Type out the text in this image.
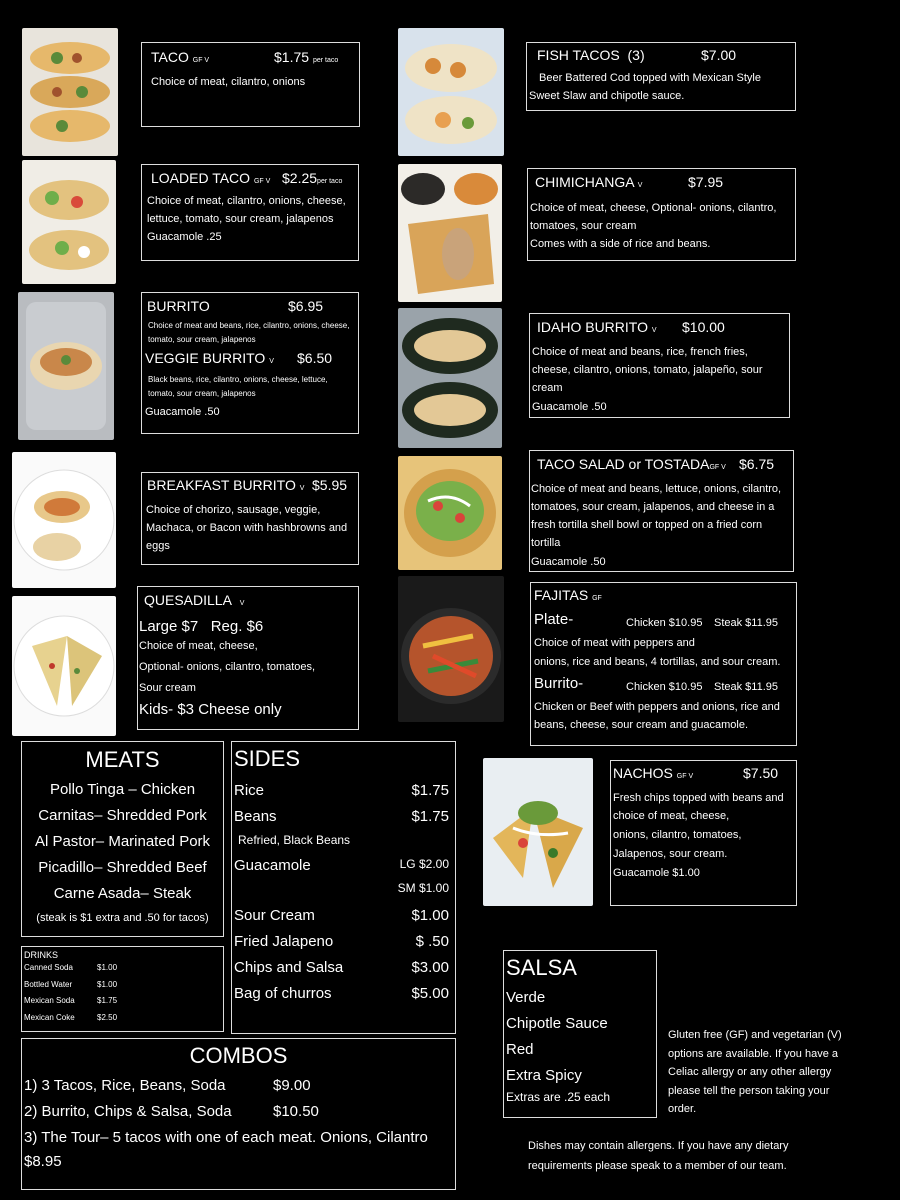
TACO GF V	$1.75 per taco
Choice of meat, cilantro, onions
LOADED TACO GF V $2.25per taco
Choice of meat, cilantro, onions, cheese, lettuce, tomato, sour cream, jalapenos
Guacamole .25
BURRITO	$6.95
Choice of meat and beans, rice, cilantro, onions, cheese, tomato, sour cream, jalapenos
VEGGIE BURRITO V $6.50
Black beans, rice, cilantro, onions, cheese, lettuce, tomato, sour cream, jalapenos
Guacamole .50
BREAKFAST BURRITO V $5.95
Choice of chorizo, sausage, veggie, Machaca, or Bacon with hashbrowns and eggs
QUESADILLA V
Large $7   Reg. $6
Choice of meat, cheese,
Optional- onions, cilantro, tomatoes,
Sour cream
Kids- $3 Cheese only
FISH TACOS  (3)	$7.00
Beer Battered Cod topped with Mexican Style Sweet Slaw and chipotle sauce.
CHIMICHANGA V	$7.95
Choice of meat, cheese, Optional- onions, cilantro, tomatoes, sour cream
Comes with a side of rice and beans.
IDAHO BURRITO V $10.00
Choice of meat and beans, rice, french fries, cheese, cilantro, onions, tomato, jalapeño, sour cream
Guacamole .50
TACO SALAD or TOSTADAGF V $6.75
Choice of meat and beans, lettuce, onions, cilantro, tomatoes, sour cream, jalapenos, and cheese in a fresh tortilla shell bowl or topped on a fried corn tortilla
Guacamole .50
FAJITAS GF
Plate-	Chicken $10.95 Steak $11.95
Choice of meat with peppers and
onions, rice and beans, 4 tortillas, and sour cream.
Burrito-	Chicken $10.95 Steak $11.95
Chicken or Beef with peppers and onions, rice and beans, cheese, sour cream and guacamole.
NACHOS GF V	$7.50
Fresh chips topped with beans and choice of meat, cheese,
onions, cilantro, tomatoes,
Jalapenos, sour cream.
Guacamole $1.00
MEATS
Pollo Tinga – Chicken
Carnitas– Shredded Pork
Al Pastor– Marinated Pork
Picadillo– Shredded Beef
Carne Asada– Steak
(steak is $1 extra and .50 for tacos)
DRINKS
Canned Soda	$1.00
Bottled Water	$1.00
Mexican Soda	$1.75
Mexican Coke	$2.50
SIDES
Rice	$1.75
Beans	$1.75
Refried, Black Beans
Guacamole	LG $2.00
SM $1.00
Sour Cream	$1.00
Fried Jalapeno	$ .50
Chips and Salsa	$3.00
Bag of churros	$5.00
COMBOS
1) 3 Tacos, Rice, Beans, Soda	$9.00
2) Burrito, Chips & Salsa, Soda	$10.50
3) The Tour– 5 tacos with one of each meat. Onions, Cilantro
$8.95
SALSA
Verde
Chipotle Sauce
Red
Extra Spicy
Extras are .25 each
Gluten free (GF) and vegetarian (V) options are available. If you have a Celiac allergy or any other allergy please tell the person taking your order.
Dishes may contain allergens. If you have any dietary requirements please speak to a member of our team.
